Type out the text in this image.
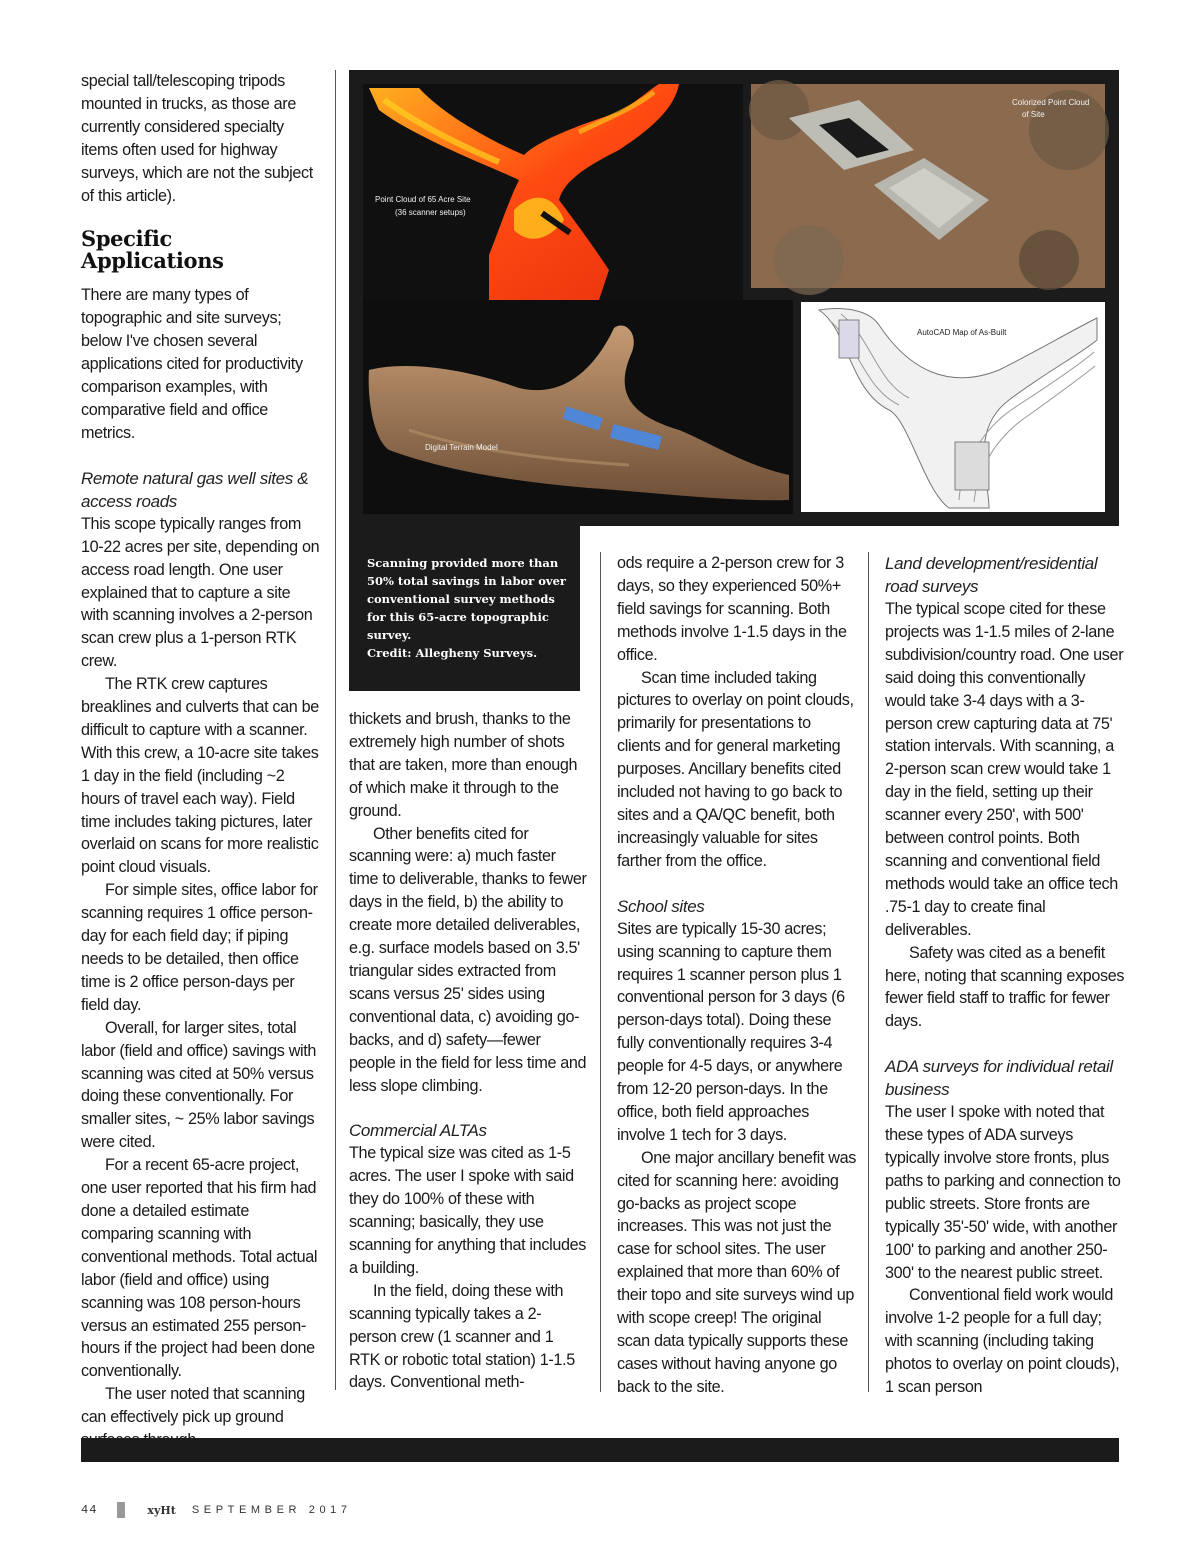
special tall/telescoping tripods mounted in trucks, as those are currently considered specialty items often used for highway surveys, which are not the subject of this article).

Specific Applications

There are many types of topographic and site surveys; below I've chosen several applications cited for productivity comparison examples, with comparative field and office metrics.

Remote natural gas well sites & access roads

This scope typically ranges from 10-22 acres per site, depending on access road length. One user explained that to capture a site with scanning involves a 2-person scan crew plus a 1-person RTK crew.

The RTK crew captures breaklines and culverts that can be difficult to capture with a scanner. With this crew, a 10-acre site takes 1 day in the field (including ~2 hours of travel each way). Field time includes taking pictures, later overlaid on scans for more realistic point cloud visuals.

For simple sites, office labor for scanning requires 1 office person-day for each field day; if piping needs to be detailed, then office time is 2 office person-days per field day.

Overall, for larger sites, total labor (field and office) savings with scanning was cited at 50% versus doing these conventionally. For smaller sites, ~ 25% labor savings were cited.

For a recent 65-acre project, one user reported that his firm had done a detailed estimate comparing scanning with conventional methods. Total actual labor (field and office) using scanning was 108 person-hours versus an estimated 255 person-hours if the project had been done conventionally.

The user noted that scanning can effectively pick up ground

Point Cloud of 65 Acre Site
(36 scanner setups)
Colorized Point Cloud
of Site
Digital Terrain Model
AutoCAD Map of As-Built
Scanning provided more than 50% total savings in labor over conventional survey methods for this 65-acre topographic survey.
Credit: Allegheny Surveys.

thickets and brush, thanks to the extremely high number of shots that are taken, more than enough of which make it through to the ground.

Other benefits cited for scanning were: a) much faster time to deliverable, thanks to fewer days in the field, b) the ability to create more detailed deliverables, e.g. surface models based on 3.5' triangular sides extracted from scans versus 25' sides using conventional data, c) avoiding go-backs, and d) safety—fewer people in the field for less time and less slope climbing.

Commercial ALTAs

The typical size was cited as 1-5 acres. The user I spoke with said they do 100% of these with scanning; basically, they use scanning for anything that includes a building.

In the field, doing these with scanning typically takes a 2-person crew (1 scanner and 1 RTK or robotic total station) 1-1.5 days. Conventional meth-

ods require a 2-person crew for 3 days, so they experienced 50%+ field savings for scanning. Both methods involve 1-1.5 days in the office.

Scan time included taking pictures to overlay on point clouds, primarily for presentations to clients and for general marketing purposes. Ancillary benefits cited included not having to go back to sites and a QA/QC benefit, both increasingly valuable for sites farther from the office.

School sites

Sites are typically 15-30 acres; using scanning to capture them requires 1 scanner person plus 1 conventional person for 3 days (6 person-days total). Doing these fully conventionally requires 3-4 people for 4-5 days, or anywhere from 12-20 person-days. In the office, both field approaches involve 1 tech for 3 days.

One major ancillary benefit was cited for scanning here: avoiding go-backs as project scope increases. This was not just the case for school sites. The user explained that more than 60% of their topo and site surveys wind up with scope creep! The original scan data typically supports these cases without having anyone go back to the site.

Land development/residential road surveys

The typical scope cited for these projects was 1-1.5 miles of 2-lane subdivision/country road. One user said doing this conventionally would take 3-4 days with a 3-person crew capturing data at 75' station intervals. With scanning, a 2-person scan crew would take 1 day in the field, setting up their scanner every 250', with 500' between control points. Both scanning and conventional field methods would take an office tech .75-1 day to create final deliverables.

Safety was cited as a benefit here, noting that scanning exposes fewer field staff to traffic for fewer days.

ADA surveys for individual retail business

The user I spoke with noted that these types of ADA surveys typically involve store fronts, plus paths to parking and connection to public streets. Store fronts are typically 35'-50' wide, with another 100' to parking and another 250-300' to the nearest public street.

Conventional field work would involve 1-2 people for a full day; with scanning (including taking photos to overlay on point clouds), 1 scan person

44	xyHt SEPTEMBER 2017
